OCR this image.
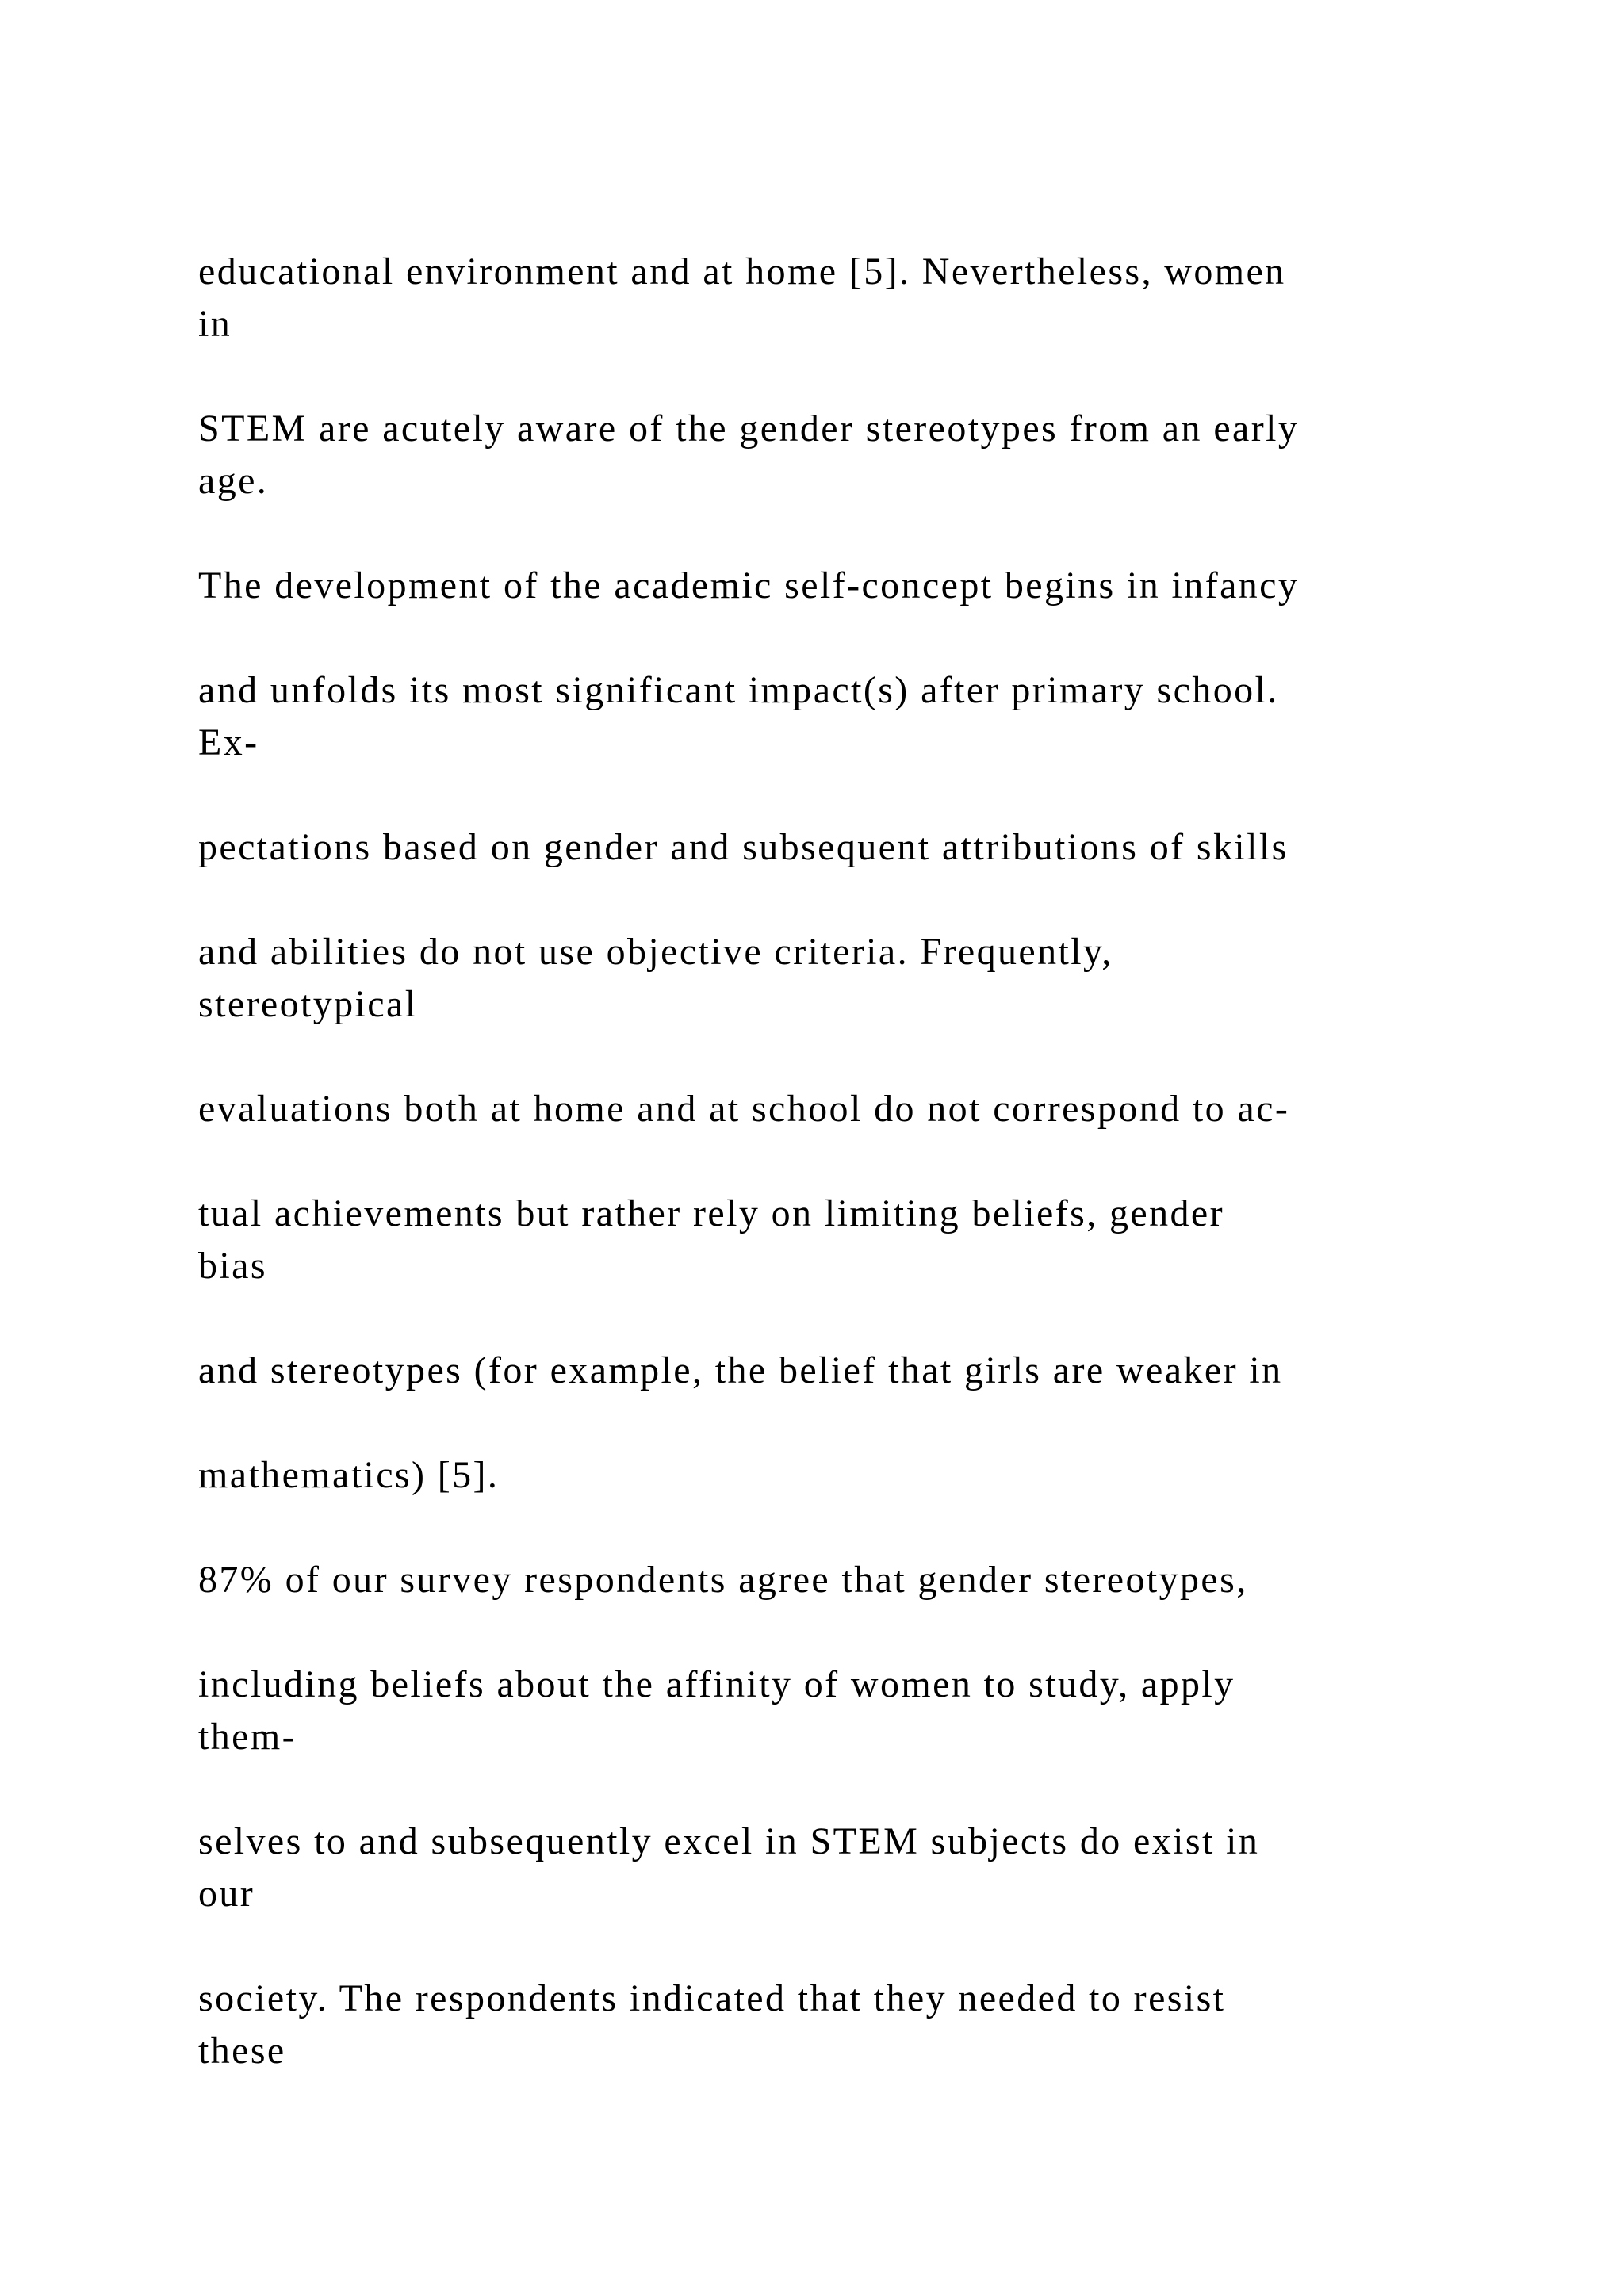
educational environment and at home [5]. Nevertheless, women
in
STEM are acutely aware of the gender stereotypes from an early
age.
The development of the academic self-concept begins in infancy
and unfolds its most significant impact(s) after primary school.
Ex-
pectations based on gender and subsequent attributions of skills
and abilities do not use objective criteria. Frequently,
stereotypical
evaluations both at home and at school do not correspond to ac-
tual achievements but rather rely on limiting beliefs, gender
bias
and stereotypes (for example, the belief that girls are weaker in
mathematics) [5].
87% of our survey respondents agree that gender stereotypes,
including beliefs about the affinity of women to study, apply
them-
selves to and subsequently excel in STEM subjects do exist in
our
society. The respondents indicated that they needed to resist
these
